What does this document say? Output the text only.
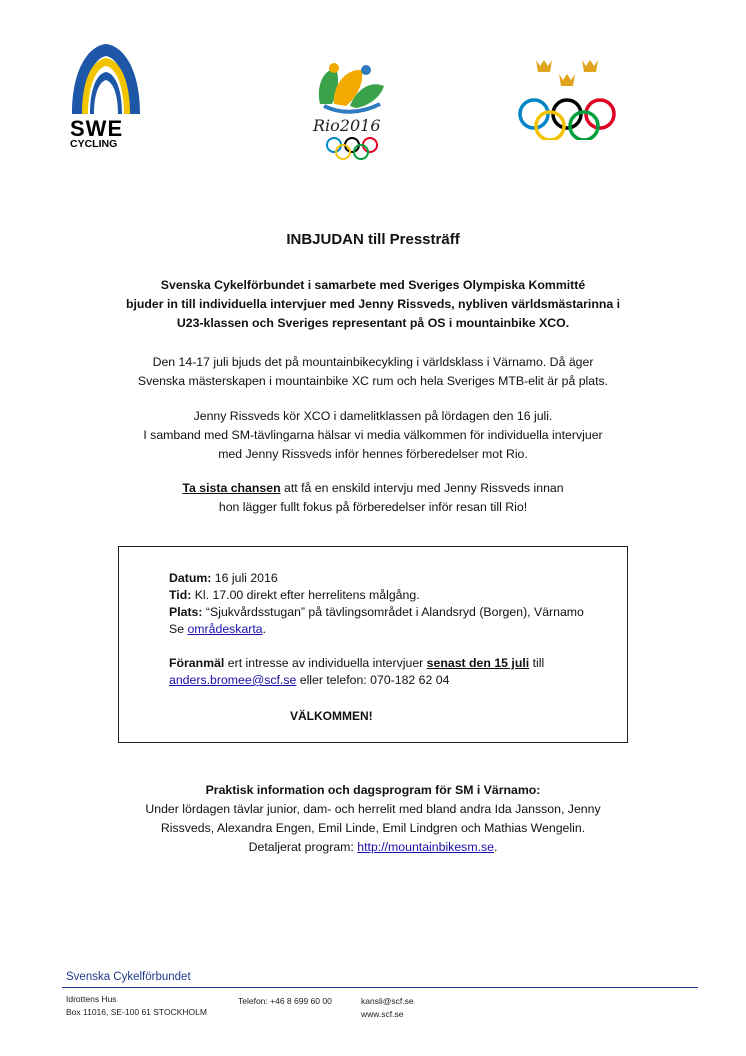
SWE
CYCLING
Rio2016
INBJUDAN till Pressträff
Svenska Cykelförbundet i samarbete med Sveriges Olympiska Kommitté
bjuder in till individuella intervjuer med Jenny Rissveds, nybliven världsmästarinna i
U23-klassen och Sveriges representant på OS i mountainbike XCO.
Den 14-17 juli bjuds det på mountainbikecykling i världsklass i Värnamo. Då äger
Svenska mästerskapen i mountainbike XC rum och hela Sveriges MTB-elit är på plats.
Jenny Rissveds kör XCO i damelitklassen på lördagen den 16 juli.
I samband med SM-tävlingarna hälsar vi media välkommen för individuella intervjuer
med Jenny Rissveds inför hennes förberedelser mot Rio.
Ta sista chansen att få en enskild intervju med Jenny Rissveds innan
hon lägger fullt fokus på förberedelser inför resan till Rio!
Datum: 16 juli 2016
Tid: Kl. 17.00 direkt efter herrelitens målgång.
Plats: “Sjukvårdsstugan” på tävlingsområdet i Alandsryd (Borgen), Värnamo
Se områdeskarta.
Föranmäl ert intresse av individuella intervjuer senast den 15 juli till
anders.bromee@scf.se eller telefon: 070-182 62 04
VÄLKOMMEN!
Praktisk information och dagsprogram för SM i Värnamo:
Under lördagen tävlar junior, dam- och herrelit med bland andra Ida Jansson, Jenny
Rissveds, Alexandra Engen, Emil Linde, Emil Lindgren och Mathias Wengelin.
Detaljerat program: http://mountainbikesm.se.
Svenska Cykelförbundet
Idrottens Hus
Box 11016, SE-100 61 STOCKHOLM
Telefon: +46 8 699 60 00	kansli@scf.se
www.scf.se
